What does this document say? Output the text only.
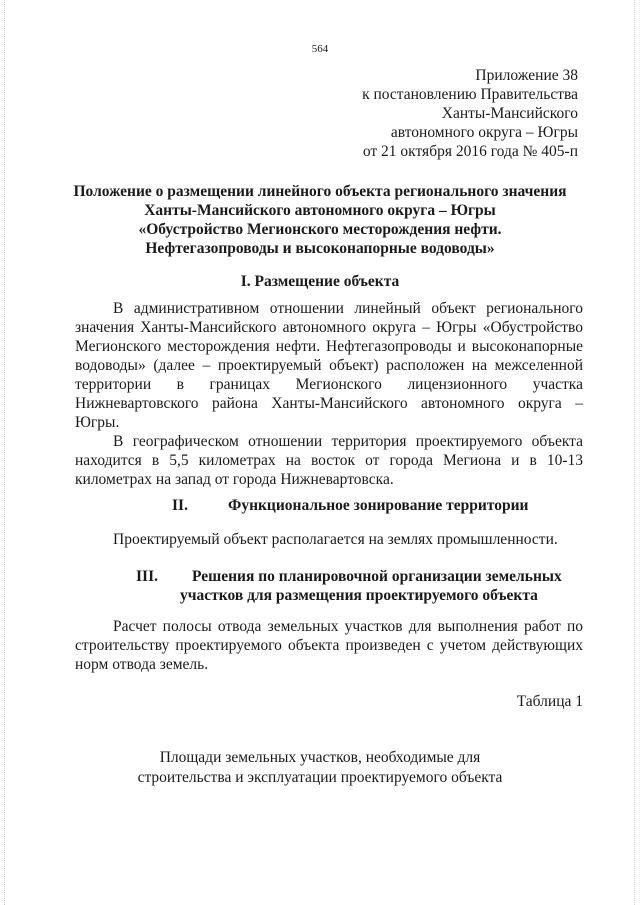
564
Приложение 38
к постановлению Правительства
Ханты-Мансийского
автономного округа – Югры
от 21 октября 2016 года № 405-п
Положение о размещении линейного объекта регионального значения
Ханты-Мансийского автономного округа – Югры
«Обустройство Мегионского месторождения нефти.
Нефтегазопроводы и высоконапорные водоводы»
I. Размещение объекта

В административном отношении линейный объект регионального значения Ханты-Мансийского автономного округа – Югры «Обустройство Мегионского месторождения нефти. Нефтегазопроводы и высоконапорные водоводы» (далее – проектируемый объект) расположен на межселенной территории в границах Мегионского лицензионного участка Нижневартовского района Ханты-Мансийского автономного округа – Югры.

В географическом отношении территория проектируемого объекта находится в 5,5 километрах на восток от города Мегиона и в 10-13 километрах на запад от города Нижневартовска.

II.	Функциональное зонирование территории

Проектируемый объект располагается на землях промышленности.

III. Решения по планировочной организации земельных
участков для размещения проектируемого объекта

Расчет полосы отвода земельных участков для выполнения работ по строительству проектируемого объекта произведен с учетом действующих норм отвода земель.

Таблица 1
Площади земельных участков, необходимые для
строительства и эксплуатации проектируемого объекта
